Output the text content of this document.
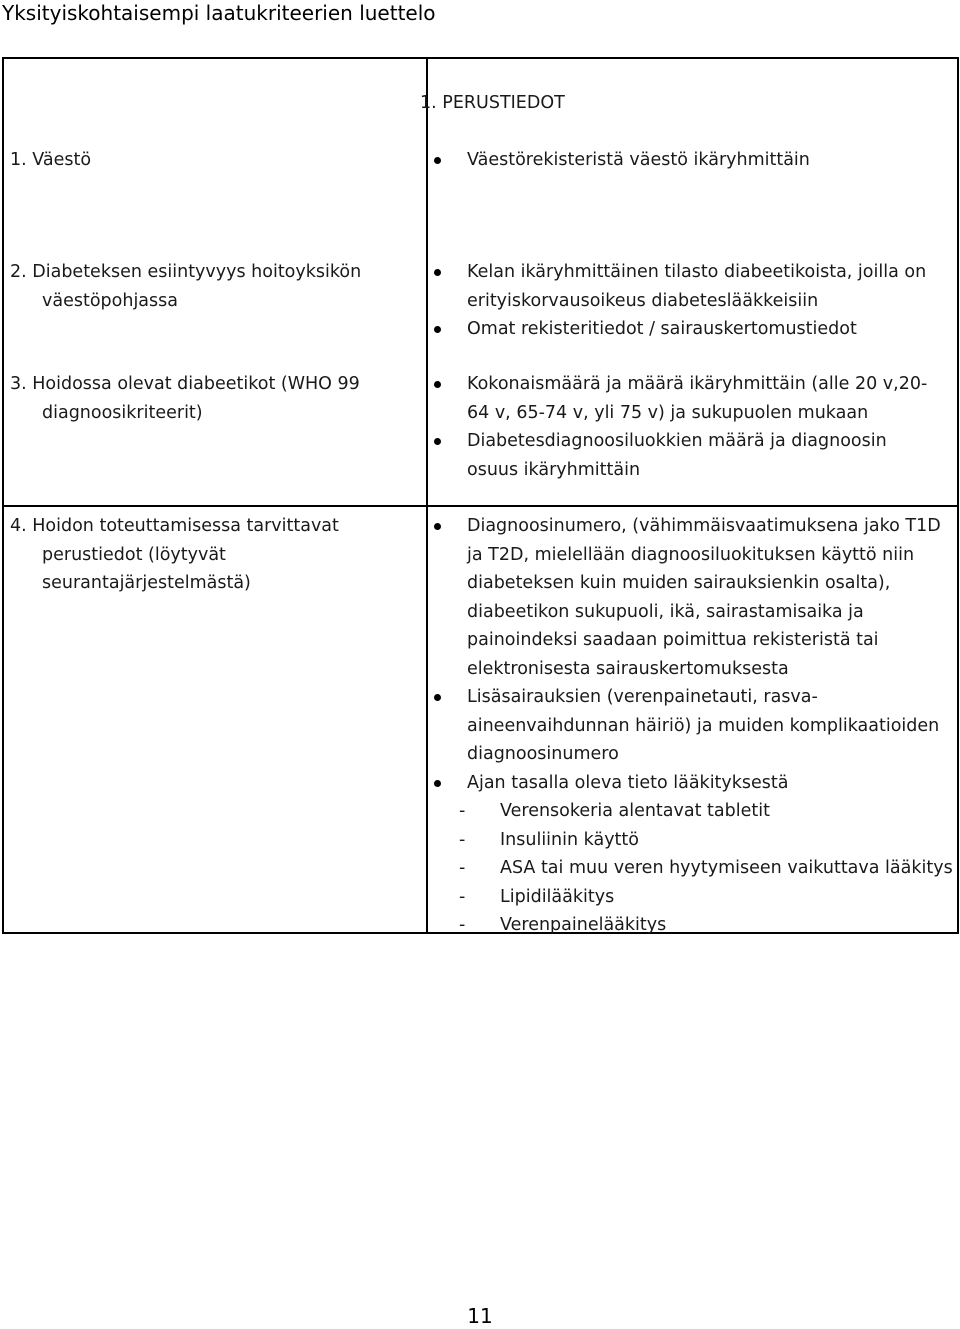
Yksityiskohtaisempi laatukriteerien luettelo
1. PERUSTIEDOT
1. Väestö	Väestörekisteristä väestö ikäryhmittäin
2. Diabeteksen esiintyvyys hoitoyksikön
väestöpohjassa
Kelan ikäryhmittäinen tilasto diabeetikoista, joilla on
erityiskorvausoikeus diabeteslääkkeisiin
Omat rekisteritiedot / sairauskertomustiedot
3. Hoidossa olevat diabeetikot (WHO 99
diagnoosikriteerit)
Kokonaismäärä ja määrä ikäryhmittäin (alle 20 v,20-
64 v, 65-74 v, yli 75 v) ja sukupuolen mukaan
Diabetesdiagnoosiluokkien määrä ja diagnoosin
osuus ikäryhmittäin
4. Hoidon toteuttamisessa tarvittavat
perustiedot (löytyvät
seurantajärjestelmästä)
Diagnoosinumero, (vähimmäisvaatimuksena jako T1D
ja T2D, mielellään diagnoosiluokituksen käyttö niin
diabeteksen kuin muiden sairauksienkin osalta),
diabeetikon sukupuoli, ikä, sairastamisaika ja
painoindeksi saadaan poimittua rekisteristä tai
elektronisesta sairauskertomuksesta
Lisäsairauksien (verenpainetauti, rasva-
aineenvaihdunnan häiriö) ja muiden komplikaatioiden
diagnoosinumero
Ajan tasalla oleva tieto lääkityksestä
- Verensokeria alentavat tabletit
- Insuliinin käyttö
- ASA tai muu veren hyytymiseen vaikuttava lääkitys
- Lipidilääkitys
- Verenpainelääkitys
11
